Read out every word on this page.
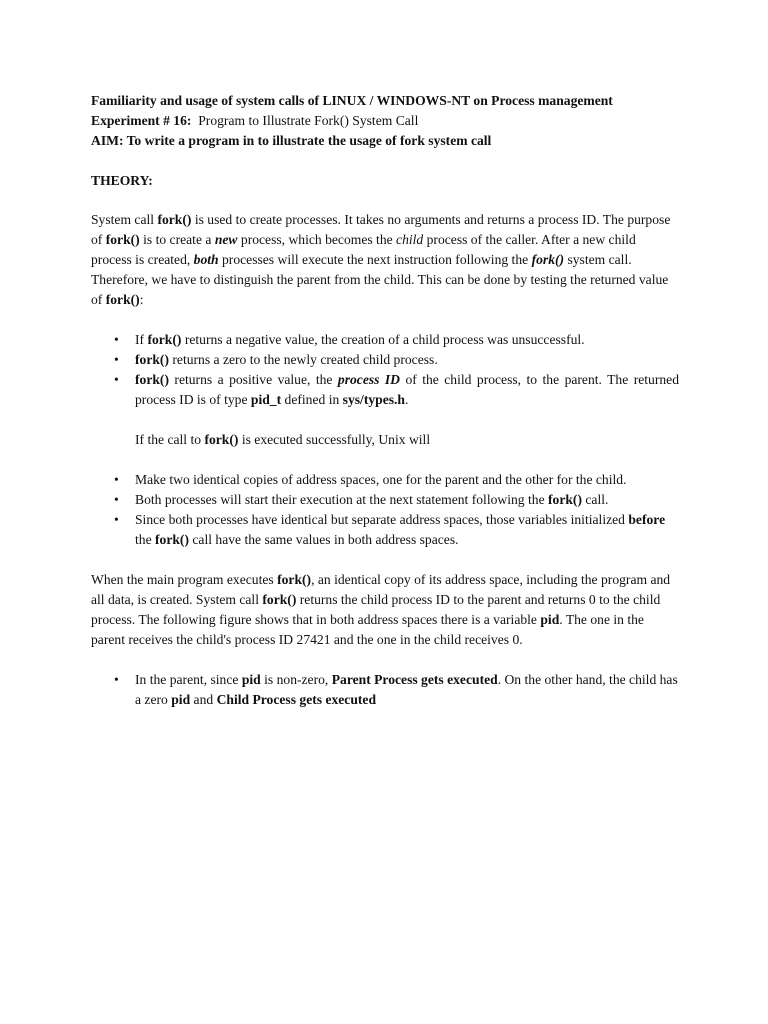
Familiarity and usage of system calls of LINUX / WINDOWS-NT on Process management

Experiment # 16: Program to Illustrate Fork() System Call

AIM: To write a program in to illustrate the usage of fork system call

THEORY:

System call fork() is used to create processes. It takes no arguments and returns a process ID. The purpose of fork() is to create a new process, which becomes the child process of the caller. After a new child process is created, both processes will execute the next instruction following the fork() system call. Therefore, we have to distinguish the parent from the child. This can be done by testing the returned value of fork():

• If fork() returns a negative value, the creation of a child process was unsuccessful.
• fork() returns a zero to the newly created child process.
• fork() returns a positive value, the process ID of the child process, to the parent. The returned process ID is of type pid_t defined in sys/types.h.

If the call to fork() is executed successfully, Unix will

• Make two identical copies of address spaces, one for the parent and the other for the child.
• Both processes will start their execution at the next statement following the fork() call.
• Since both processes have identical but separate address spaces, those variables initialized before the fork() call have the same values in both address spaces.

When the main program executes fork(), an identical copy of its address space, including the program and all data, is created. System call fork() returns the child process ID to the parent and returns 0 to the child process. The following figure shows that in both address spaces there is a variable pid. The one in the parent receives the child's process ID 27421 and the one in the child receives 0.

• In the parent, since pid is non-zero, Parent Process gets executed. On the other hand, the child has a zero pid and Child Process gets executed
